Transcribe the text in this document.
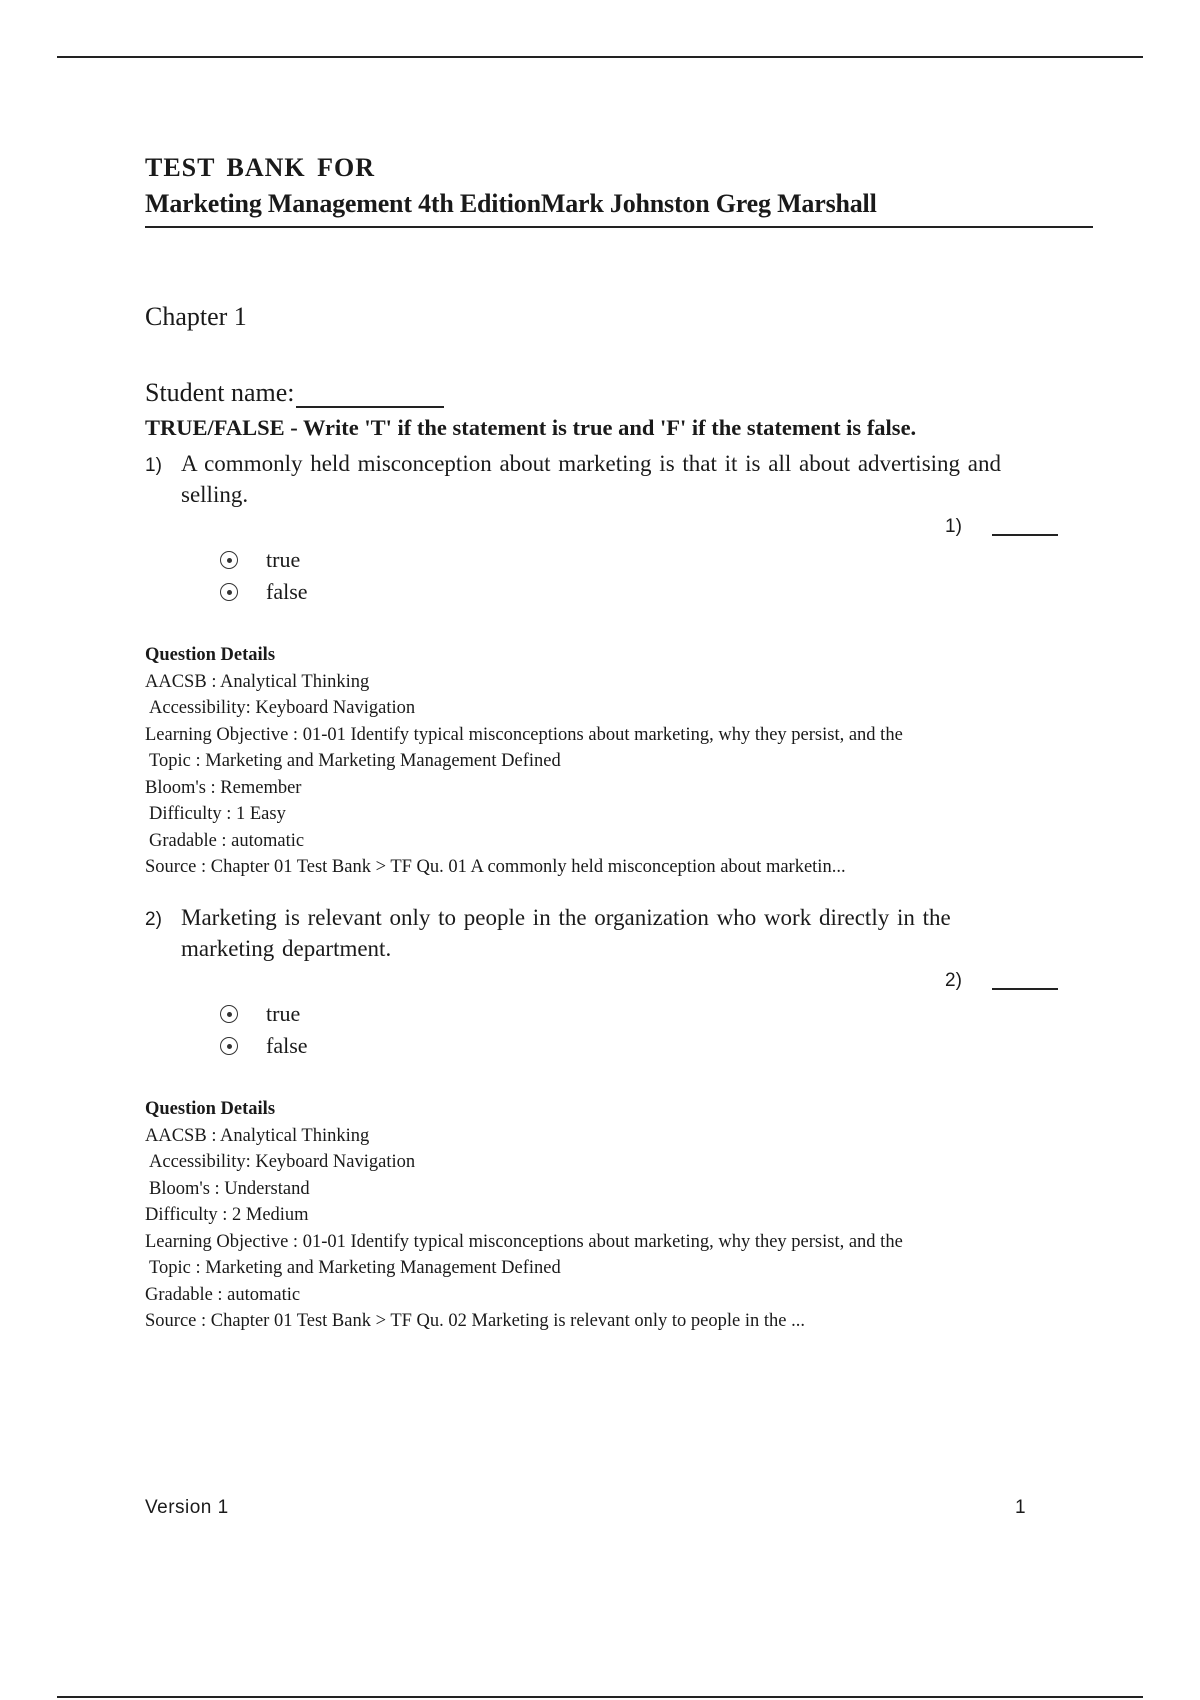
TEST BANK FOR
Marketing Management 4th EditionMark Johnston Greg Marshall
Chapter 1
Student name:
TRUE/FALSE - Write 'T' if the statement is true and 'F' if the statement is false.
1) A commonly held misconception about marketing is that it is all about advertising and selling.
1)
true
false
Question Details
AACSB : Analytical Thinking
Accessibility: Keyboard Navigation
Learning Objective : 01-01 Identify typical misconceptions about marketing, why they persist, and the
Topic : Marketing and Marketing Management Defined
Bloom's : Remember
Difficulty : 1 Easy
Gradable : automatic
Source : Chapter 01 Test Bank > TF Qu. 01 A commonly held misconception about marketin...
2) Marketing is relevant only to people in the organization who work directly in the marketing department.
2)
true
false
Question Details
AACSB : Analytical Thinking
Accessibility: Keyboard Navigation
Bloom's : Understand
Difficulty : 2 Medium
Learning Objective : 01-01 Identify typical misconceptions about marketing, why they persist, and the
Topic : Marketing and Marketing Management Defined
Gradable : automatic
Source : Chapter 01 Test Bank > TF Qu. 02 Marketing is relevant only to people in the ...
Version 1	1
